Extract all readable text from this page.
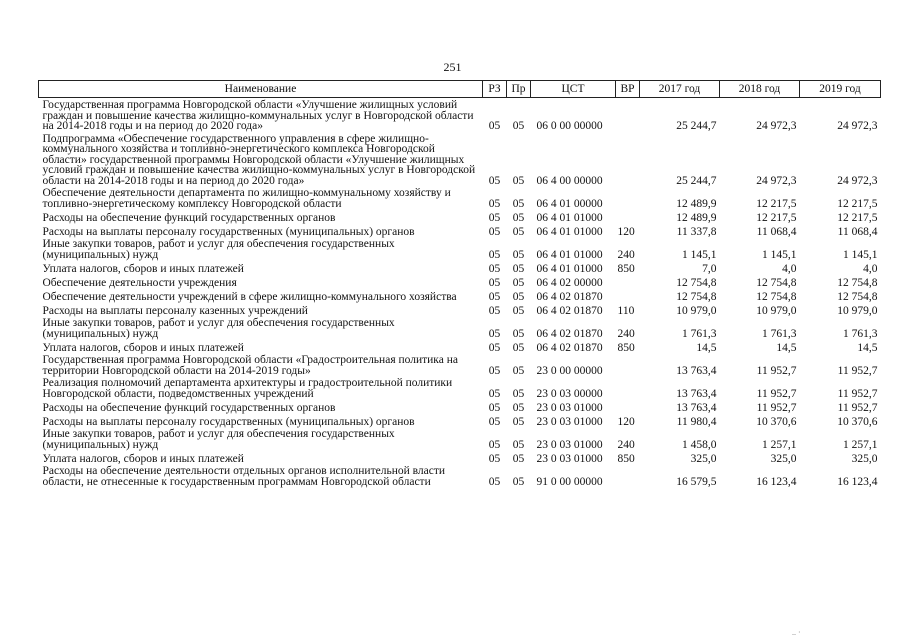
251
Наименование	РЗ	Пр	ЦСТ	ВР	2017 год	2018 год	2019 год
Государственная программа Новгородской области «Улучшение жилищных условий граждан и повышение качества жилищно-коммунальных услуг в Новгородской области на 2014-2018 годы и на период до 2020 года»	05	05	06 0 00 00000		25 244,7	24 972,3	24 972,3
Подпрограмма «Обеспечение государственного управления в сфере жилищно-коммунального хозяйства и топливно-энергетического комплекса Новгородской области» государственной программы Новгородской области «Улучшение жилищных условий граждан и повышение качества жилищно-коммунальных услуг в Новгородской области на 2014-2018 годы и на период до 2020 года»	05	05	06 4 00 00000		25 244,7	24 972,3	24 972,3
Обеспечение деятельности департамента по жилищно-коммунальному хозяйству и топливно-энергетическому комплексу Новгородской области	05	05	06 4 01 00000		12 489,9	12 217,5	12 217,5
Расходы на обеспечение функций государственных органов	05	05	06 4 01 01000		12 489,9	12 217,5	12 217,5
Расходы на выплаты персоналу государственных (муниципальных) органов	05	05	06 4 01 01000	120	11 337,8	11 068,4	11 068,4
Иные закупки товаров, работ и услуг для обеспечения государственных (муниципальных) нужд	05	05	06 4 01 01000	240	1 145,1	1 145,1	1 145,1
Уплата налогов, сборов и иных платежей	05	05	06 4 01 01000	850	7,0	4,0	4,0
Обеспечение деятельности учреждения	05	05	06 4 02 00000		12 754,8	12 754,8	12 754,8
Обеспечение деятельности учреждений в сфере жилищно-коммунального хозяйства	05	05	06 4 02 01870		12 754,8	12 754,8	12 754,8
Расходы на выплаты персоналу казенных учреждений	05	05	06 4 02 01870	110	10 979,0	10 979,0	10 979,0
Иные закупки товаров, работ и услуг для обеспечения государственных (муниципальных) нужд	05	05	06 4 02 01870	240	1 761,3	1 761,3	1 761,3
Уплата налогов, сборов и иных платежей	05	05	06 4 02 01870	850	14,5	14,5	14,5
Государственная программа Новгородской области «Градостроительная политика на территории Новгородской области на 2014-2019 годы»	05	05	23 0 00 00000		13 763,4	11 952,7	11 952,7
Реализация полномочий департамента архитектуры и градостроительной политики Новгородской области, подведомственных учреждений	05	05	23 0 03 00000		13 763,4	11 952,7	11 952,7
Расходы на обеспечение функций государственных органов	05	05	23 0 03 01000		13 763,4	11 952,7	11 952,7
Расходы на выплаты персоналу государственных (муниципальных) органов	05	05	23 0 03 01000	120	11 980,4	10 370,6	10 370,6
Иные закупки товаров, работ и услуг для обеспечения государственных (муниципальных) нужд	05	05	23 0 03 01000	240	1 458,0	1 257,1	1 257,1
Уплата налогов, сборов и иных платежей	05	05	23 0 03 01000	850	325,0	325,0	325,0
Расходы на обеспечение деятельности отдельных органов исполнительной власти области, не отнесенные к государственным программам Новгородской области	05	05	91 0 00 00000		16 579,5	16 123,4	16 123,4
.. ·
